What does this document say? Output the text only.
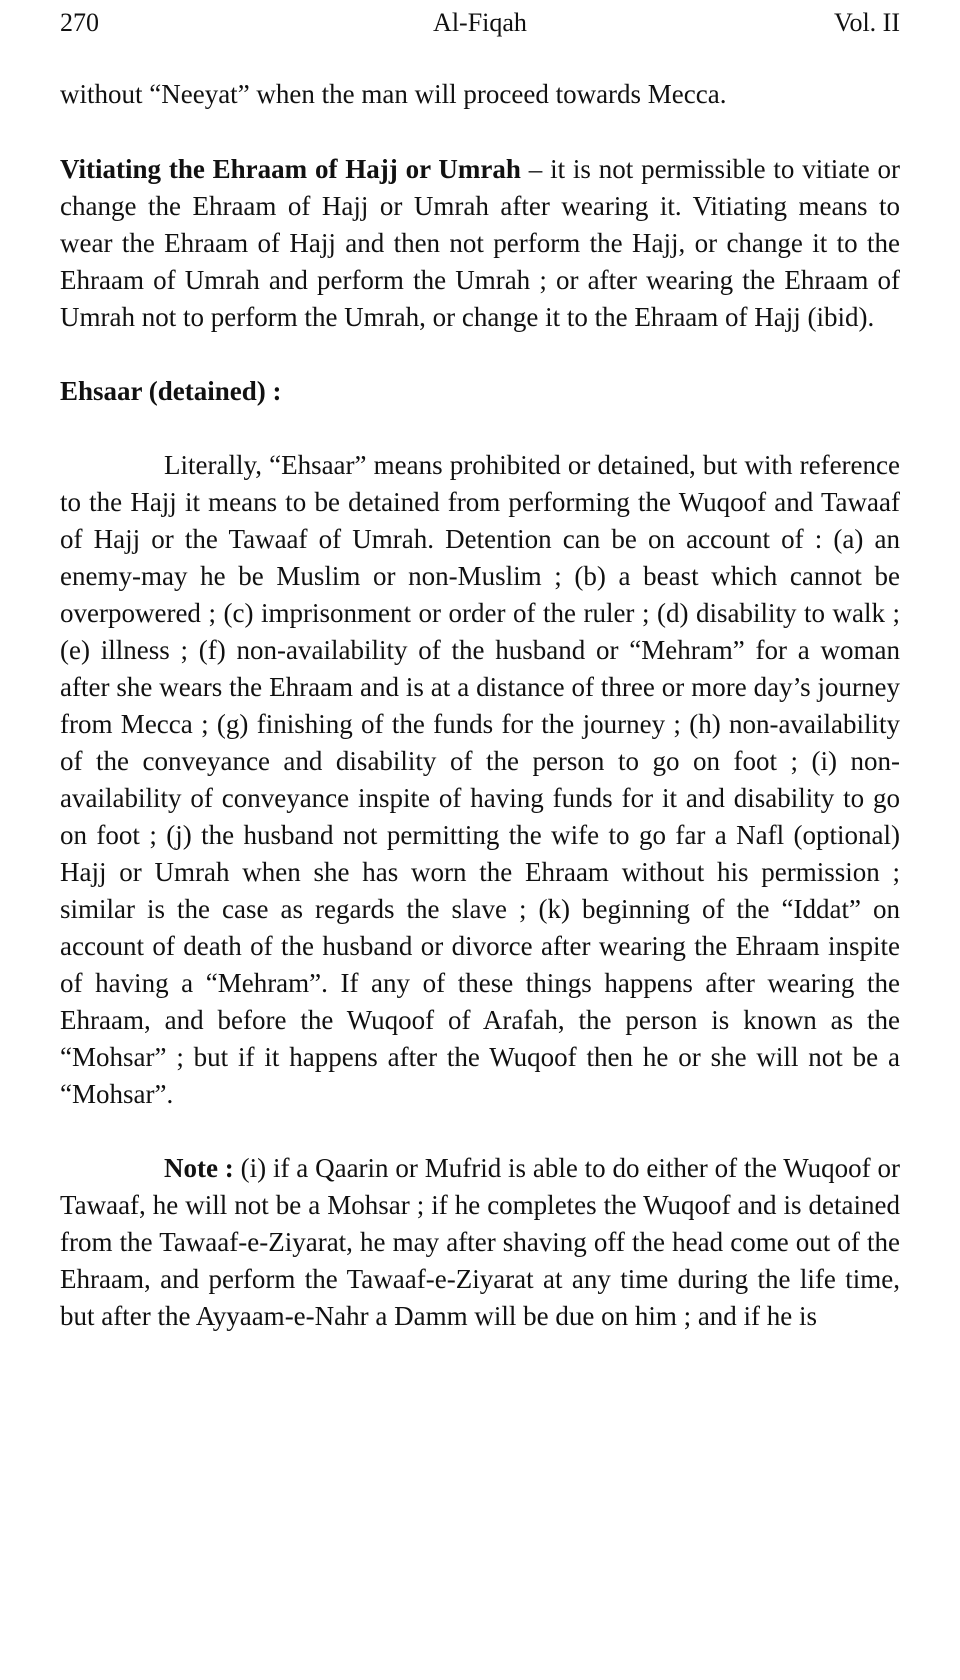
270	Al-Fiqah	Vol. II

without “Neeyat” when the man will proceed towards Mecca.

Vitiating the Ehraam of Hajj or Umrah – it is not permissible to vitiate or change the Ehraam of Hajj or Umrah after wearing it. Vitiating means to wear the Ehraam of Hajj and then not perform the Hajj, or change it to the Ehraam of Umrah and perform the Umrah ; or after wearing the Ehraam of Umrah not to perform the Umrah, or change it to the Ehraam of Hajj (ibid).

Ehsaar (detained) :

Literally, “Ehsaar” means prohibited or detained, but with reference to the Hajj it means to be detained from performing the Wuqoof and Tawaaf of Hajj or the Tawaaf of Umrah. Detention can be on account of : (a) an enemy-may he be Muslim or non-Muslim ; (b) a beast which cannot be overpowered ; (c) imprisonment or order of the ruler ; (d) disability to walk ; (e) illness ; (f) non-availability of the husband or “Mehram” for a woman after she wears the Ehraam and is at a distance of three or more day’s journey from Mecca ; (g) finishing of the funds for the journey ; (h) non-availability of the conveyance and disability of the person to go on foot ; (i) non-availability of conveyance inspite of having funds for it and disability to go on foot ; (j) the husband not permitting the wife to go far a Nafl (optional) Hajj or Umrah when she has worn the Ehraam without his permission ; similar is the case as regards the slave ; (k) beginning of the “Iddat” on account of death of the husband or divorce after wearing the Ehraam inspite of having a “Mehram”. If any of these things happens after wearing the Ehraam, and before the Wuqoof of Arafah, the person is known as the “Mohsar” ; but if it happens after the Wuqoof then he or she will not be a “Mohsar”.

Note : (i) if a Qaarin or Mufrid is able to do either of the Wuqoof or Tawaaf, he will not be a Mohsar ; if he completes the Wuqoof and is detained from the Tawaaf-e-Ziyarat, he may after shaving off the head come out of the Ehraam, and perform the Tawaaf-e-Ziyarat at any time during the life time, but after the Ayyaam-e-Nahr a Damm will be due on him ; and if he is
